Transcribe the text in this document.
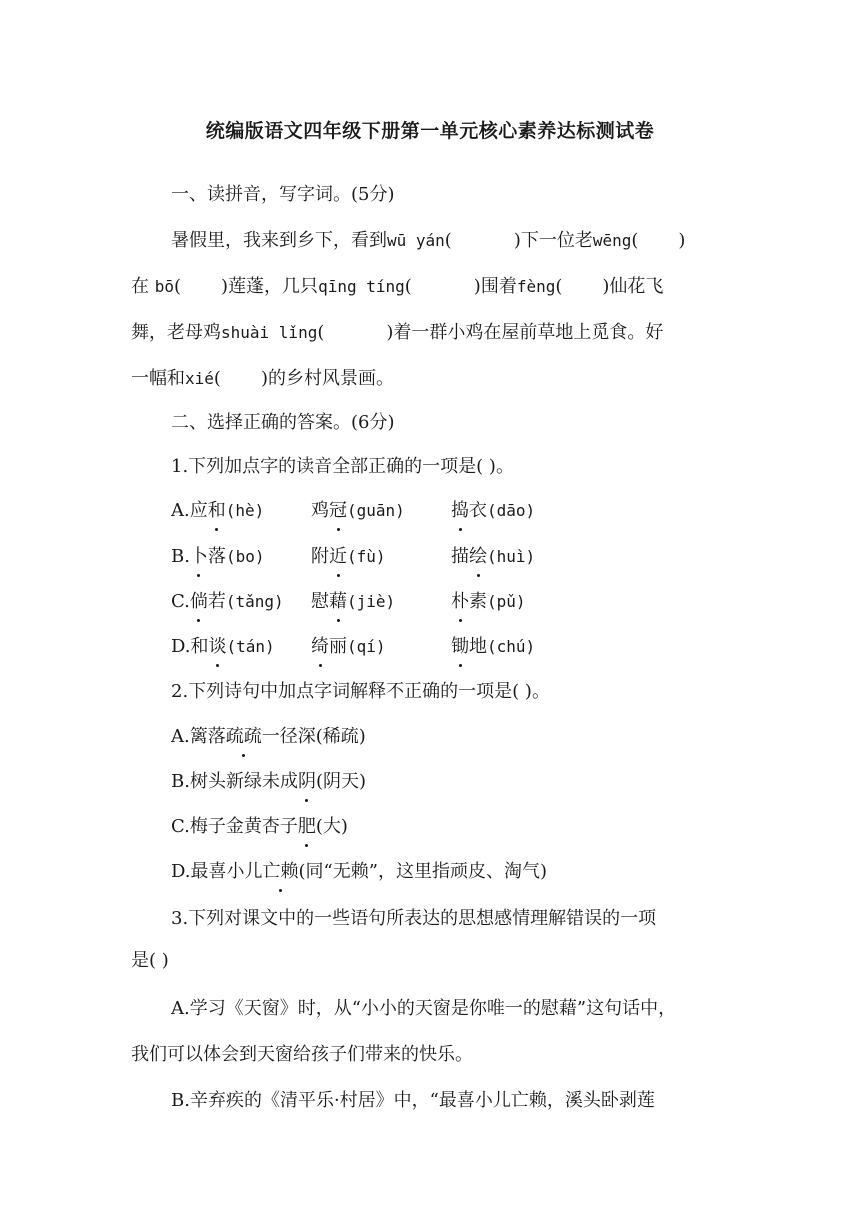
统编版语文四年级下册第一单元核心素养达标测试卷
一、读拼音，写字词。(5分)
暑假里，我来到乡下，看到wū yán(	)下一位老wēng( )
在 bō( )莲蓬，几只qīng tíng(	)围着fèng( )仙花飞
舞，老母鸡shuài lǐng(	)着一群小鸡在屋前草地上觅食。好
一幅和xié( )的乡村风景画。
二、选择正确的答案。(6分)
1.下列加点字的读音全部正确的一项是( )。
A.应和(hè)	鸡冠(guān)	捣衣(dāo)
B.卜落(bo)	附近(fù)	描绘(huì)
C.倘若(tǎng) 慰藉(jiè)	朴素(pǔ)
D.和谈(tán) 绮丽(qí)	锄地(chú)
2.下列诗句中加点字词解释不正确的一项是( )。
A.篱落疏疏一径深(稀疏)
B.树头新绿未成阴(阴天)
C.梅子金黄杏子肥(大)
D.最喜小儿亡赖(同“无赖”，这里指顽皮、淘气)
3.下列对课文中的一些语句所表达的思想感情理解错误的一项
是( )
A.学习《天窗》时，从“小小的天窗是你唯一的慰藉”这句话中，
我们可以体会到天窗给孩子们带来的快乐。
B.辛弃疾的《清平乐·村居》中，“最喜小儿亡赖，溪头卧剥莲
